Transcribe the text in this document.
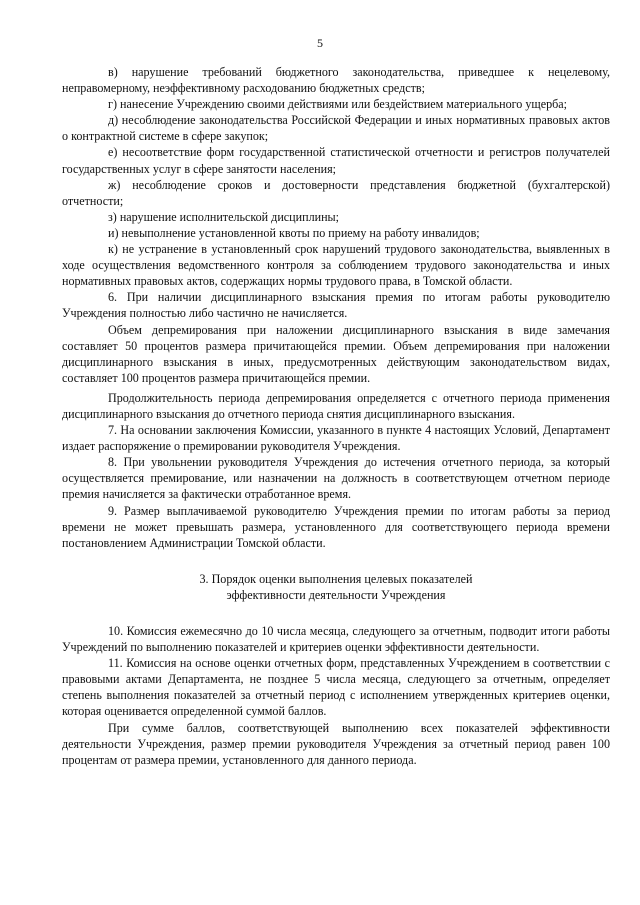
5

в) нарушение требований бюджетного законодательства, приведшее к нецелевому, неправомерному, неэффективному расходованию бюджетных средств;

г) нанесение Учреждению своими действиями или бездействием материального ущерба;

д) несоблюдение законодательства Российской Федерации и иных нормативных правовых актов о контрактной системе в сфере закупок;

е) несоответствие форм государственной статистической отчетности и регистров получателей государственных услуг в сфере занятости населения;

ж) несоблюдение сроков и достоверности представления бюджетной (бухгалтерской) отчетности;

з) нарушение исполнительской дисциплины;

и) невыполнение установленной квоты по приему на работу инвалидов;

к) не устранение в установленный срок нарушений трудового законодательства, выявленных в ходе осуществления ведомственного контроля за соблюдением трудового законодательства и иных нормативных правовых актов, содержащих нормы трудового права, в Томской области.

6. При наличии дисциплинарного взыскания премия по итогам работы руководителю Учреждения полностью либо частично не начисляется.

Объем депремирования при наложении дисциплинарного взыскания в виде замечания составляет 50 процентов размера причитающейся премии. Объем депремирования при наложении дисциплинарного взыскания в иных, предусмотренных действующим законодательством видах, составляет 100 процентов размера причитающейся премии.

Продолжительность периода депремирования определяется с отчетного периода применения дисциплинарного взыскания до отчетного периода снятия дисциплинарного взыскания.

7. На основании заключения Комиссии, указанного в пункте 4 настоящих Условий, Департамент издает распоряжение о премировании руководителя Учреждения.

8. При увольнении руководителя Учреждения до истечения отчетного периода, за который осуществляется премирование, или назначении на должность в соответствующем отчетном периоде премия начисляется за фактически отработанное время.

9. Размер выплачиваемой руководителю Учреждения премии по итогам работы за период времени не может превышать размера, установленного для соответствующего периода времени постановлением Администрации Томской области.

3. Порядок оценки выполнения целевых показателей
эффективности деятельности Учреждения

10. Комиссия ежемесячно до 10 числа месяца, следующего за отчетным, подводит итоги работы Учреждений по выполнению показателей и критериев оценки эффективности деятельности.

11. Комиссия на основе оценки отчетных форм, представленных Учреждением в соответствии с правовыми актами Департамента, не позднее 5 числа месяца, следующего за отчетным, определяет степень выполнения показателей за отчетный период с исполнением утвержденных критериев оценки, которая оценивается определенной суммой баллов.

При сумме баллов, соответствующей выполнению всех показателей эффективности деятельности Учреждения, размер премии руководителя Учреждения за отчетный период равен 100 процентам от размера премии, установленного для данного периода.
